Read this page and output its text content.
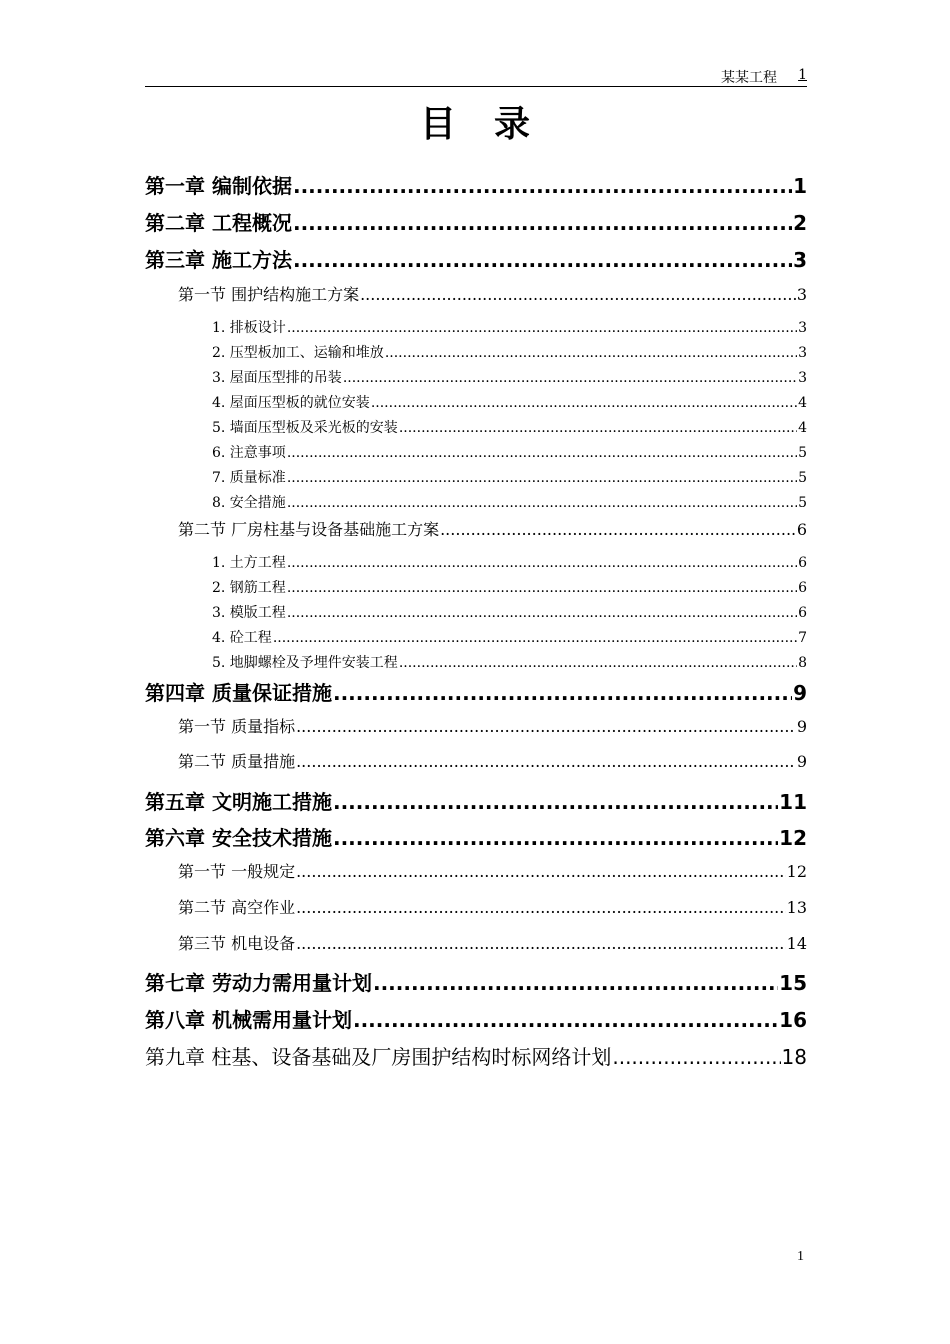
某某工程 1
目录
第一章 编制依据 .....	1
第二章 工程概况 .....	2
第三章 施工方法 .....	3
第一节 围护结构施工方案 .....	3
1. 排板设计 .....	3
2. 压型板加工、运输和堆放 .....	3
3. 屋面压型排的吊装 .....	3
4. 屋面压型板的就位安装 .....	4
5. 墙面压型板及采光板的安装 .....	4
6. 注意事项 .....	5
7. 质量标准 .....	5
8. 安全措施 .....	5
第二节 厂房柱基与设备基础施工方案 .....	6
1. 土方工程 .....	6
2. 钢筋工程 .....	6
3. 模版工程 .....	6
4. 砼工程 .....	7
5. 地脚螺栓及予埋件安装工程 .....	8
第四章 质量保证措施 .....	9
第一节 质量指标 .....	9
第二节 质量措施 .....	9
第五章 文明施工措施 .....	11
第六章 安全技术措施 .....	12
第一节 一般规定 .....	12
第二节 高空作业 .....	13
第三节 机电设备 .....	14
第七章 劳动力需用量计划 .....	15
第八章 机械需用量计划 .....	16
第九章 柱基、设备基础及厂房围护结构时标网络计划 .....	18
1
